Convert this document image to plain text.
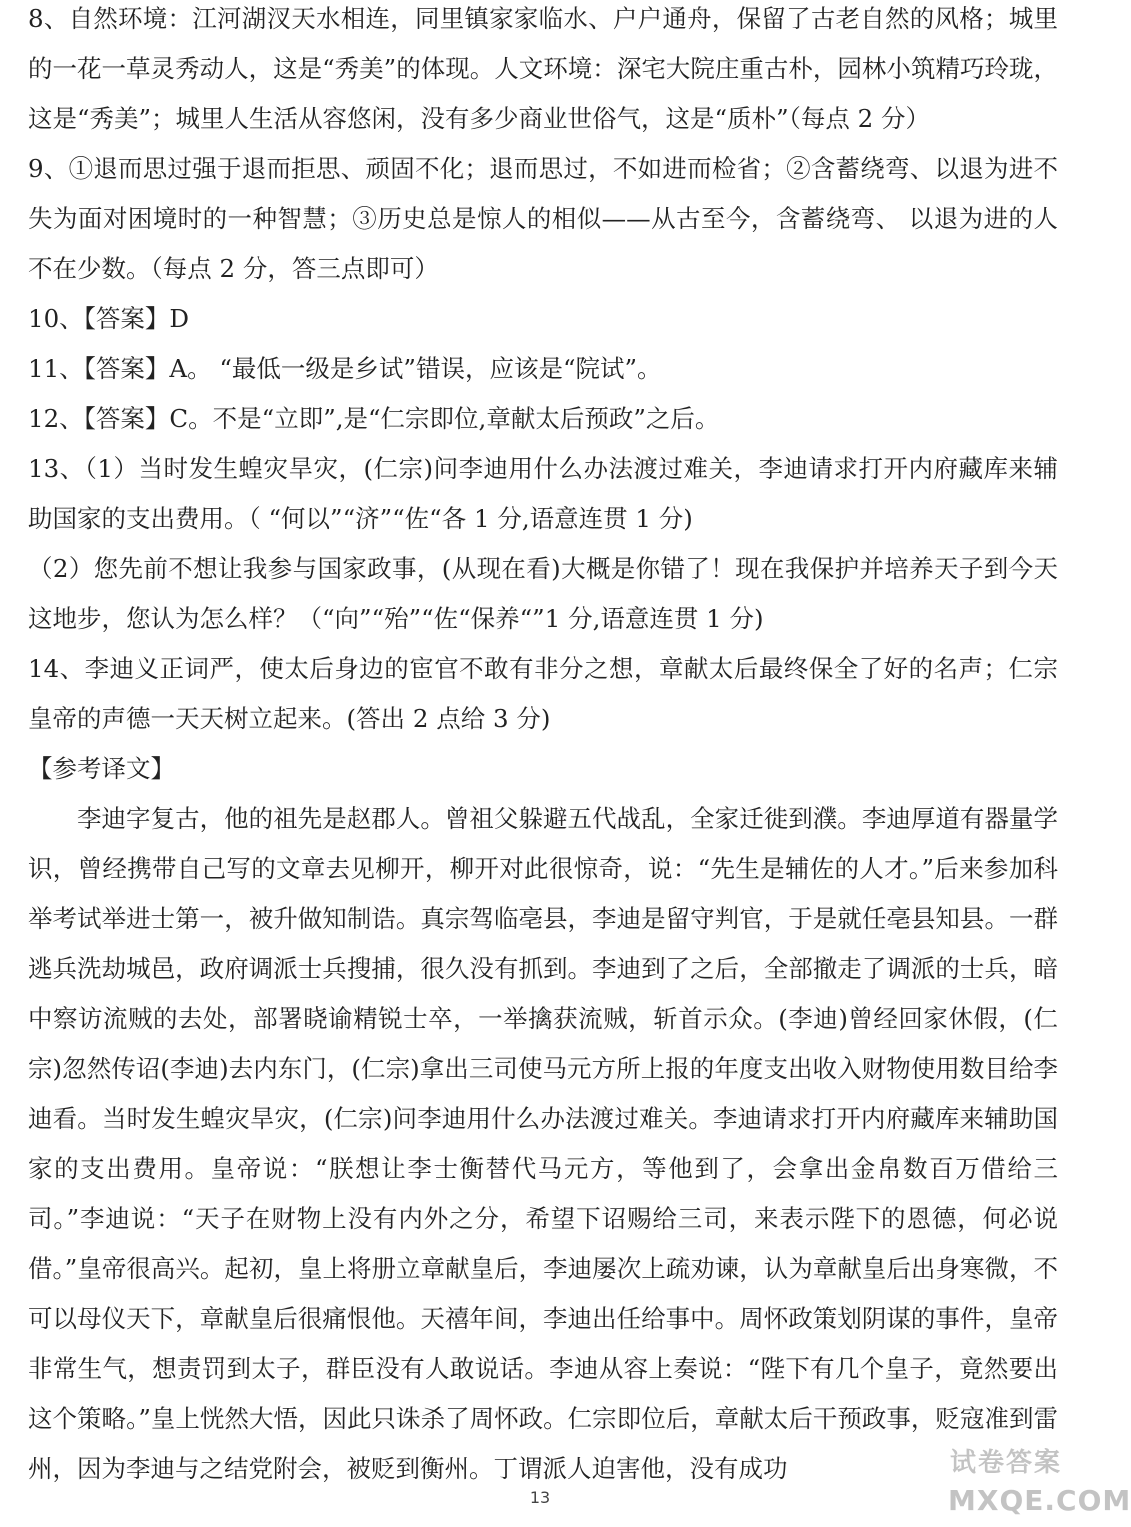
8、自然环境：江河湖汊天水相连，同里镇家家临水、户户通舟，保留了古老自然的风格；城里的一花一草灵秀动人，这是“秀美”的体现。人文环境：深宅大院庄重古朴，园林小筑精巧玲珑，这是“秀美”；城里人生活从容悠闲，没有多少商业世俗气，这是“质朴”（每点 2 分）

9、①退而思过强于退而拒思、顽固不化；退而思过，不如进而检省；②含蓄绕弯、以退为进不失为面对困境时的一种智慧；③历史总是惊人的相似——从古至今，含蓄绕弯、 以退为进的人不在少数。（每点 2 分，答三点即可）

10、【答案】D

11、【答案】A。 “最低一级是乡试”错误，应该是“院试”。

12、【答案】C。不是“立即”,是“仁宗即位,章献太后预政”之后。

13、（1）当时发生蝗灾旱灾，(仁宗)问李迪用什么办法渡过难关，李迪请求打开内府藏库来辅助国家的支出费用。（ “何以”“济”“佐“各 1 分,语意连贯 1 分)

（2）您先前不想让我参与国家政事，(从现在看)大概是你错了！现在我保护并培养天子到今天这地步，您认为怎么样？（“向”“殆”“佐“保养“”1 分,语意连贯 1 分)

14、李迪义正词严，使太后身边的宦官不敢有非分之想，章献太后最终保全了好的名声；仁宗皇帝的声德一天天树立起来。(答出 2 点给 3 分)

【参考译文】

李迪字复古，他的祖先是赵郡人。曾祖父躲避五代战乱，全家迁徙到濮。李迪厚道有器量学识，曾经携带自己写的文章去见柳开，柳开对此很惊奇，说：“先生是辅佐的人才。”后来参加科举考试举进士第一，被升做知制诰。真宗驾临亳县，李迪是留守判官，于是就任亳县知县。一群逃兵洗劫城邑，政府调派士兵搜捕，很久没有抓到。李迪到了之后，全部撤走了调派的士兵，暗中察访流贼的去处，部署晓谕精锐士卒，一举擒获流贼，斩首示众。(李迪)曾经回家休假，(仁宗)忽然传诏(李迪)去内东门，(仁宗)拿出三司使马元方所上报的年度支出收入财物使用数目给李迪看。当时发生蝗灾旱灾，(仁宗)问李迪用什么办法渡过难关。李迪请求打开内府藏库来辅助国家的支出费用。皇帝说：“朕想让李士衡替代马元方，等他到了，会拿出金帛数百万借给三司。”李迪说：“天子在财物上没有内外之分，希望下诏赐给三司，来表示陛下的恩德，何必说借。”皇帝很高兴。起初，皇上将册立章献皇后，李迪屡次上疏劝谏，认为章献皇后出身寒微，不可以母仪天下，章献皇后很痛恨他。天禧年间，李迪出任给事中。周怀政策划阴谋的事件，皇帝非常生气，想责罚到太子，群臣没有人敢说话。李迪从容上奏说：“陛下有几个皇子，竟然要出这个策略。”皇上恍然大悟，因此只诛杀了周怀政。仁宗即位后，章献太后干预政事，贬寇准到雷州，因为李迪与之结党附会，被贬到衡州。丁谓派人迫害他，没有成功

13
试卷答案
MXQE.COM
